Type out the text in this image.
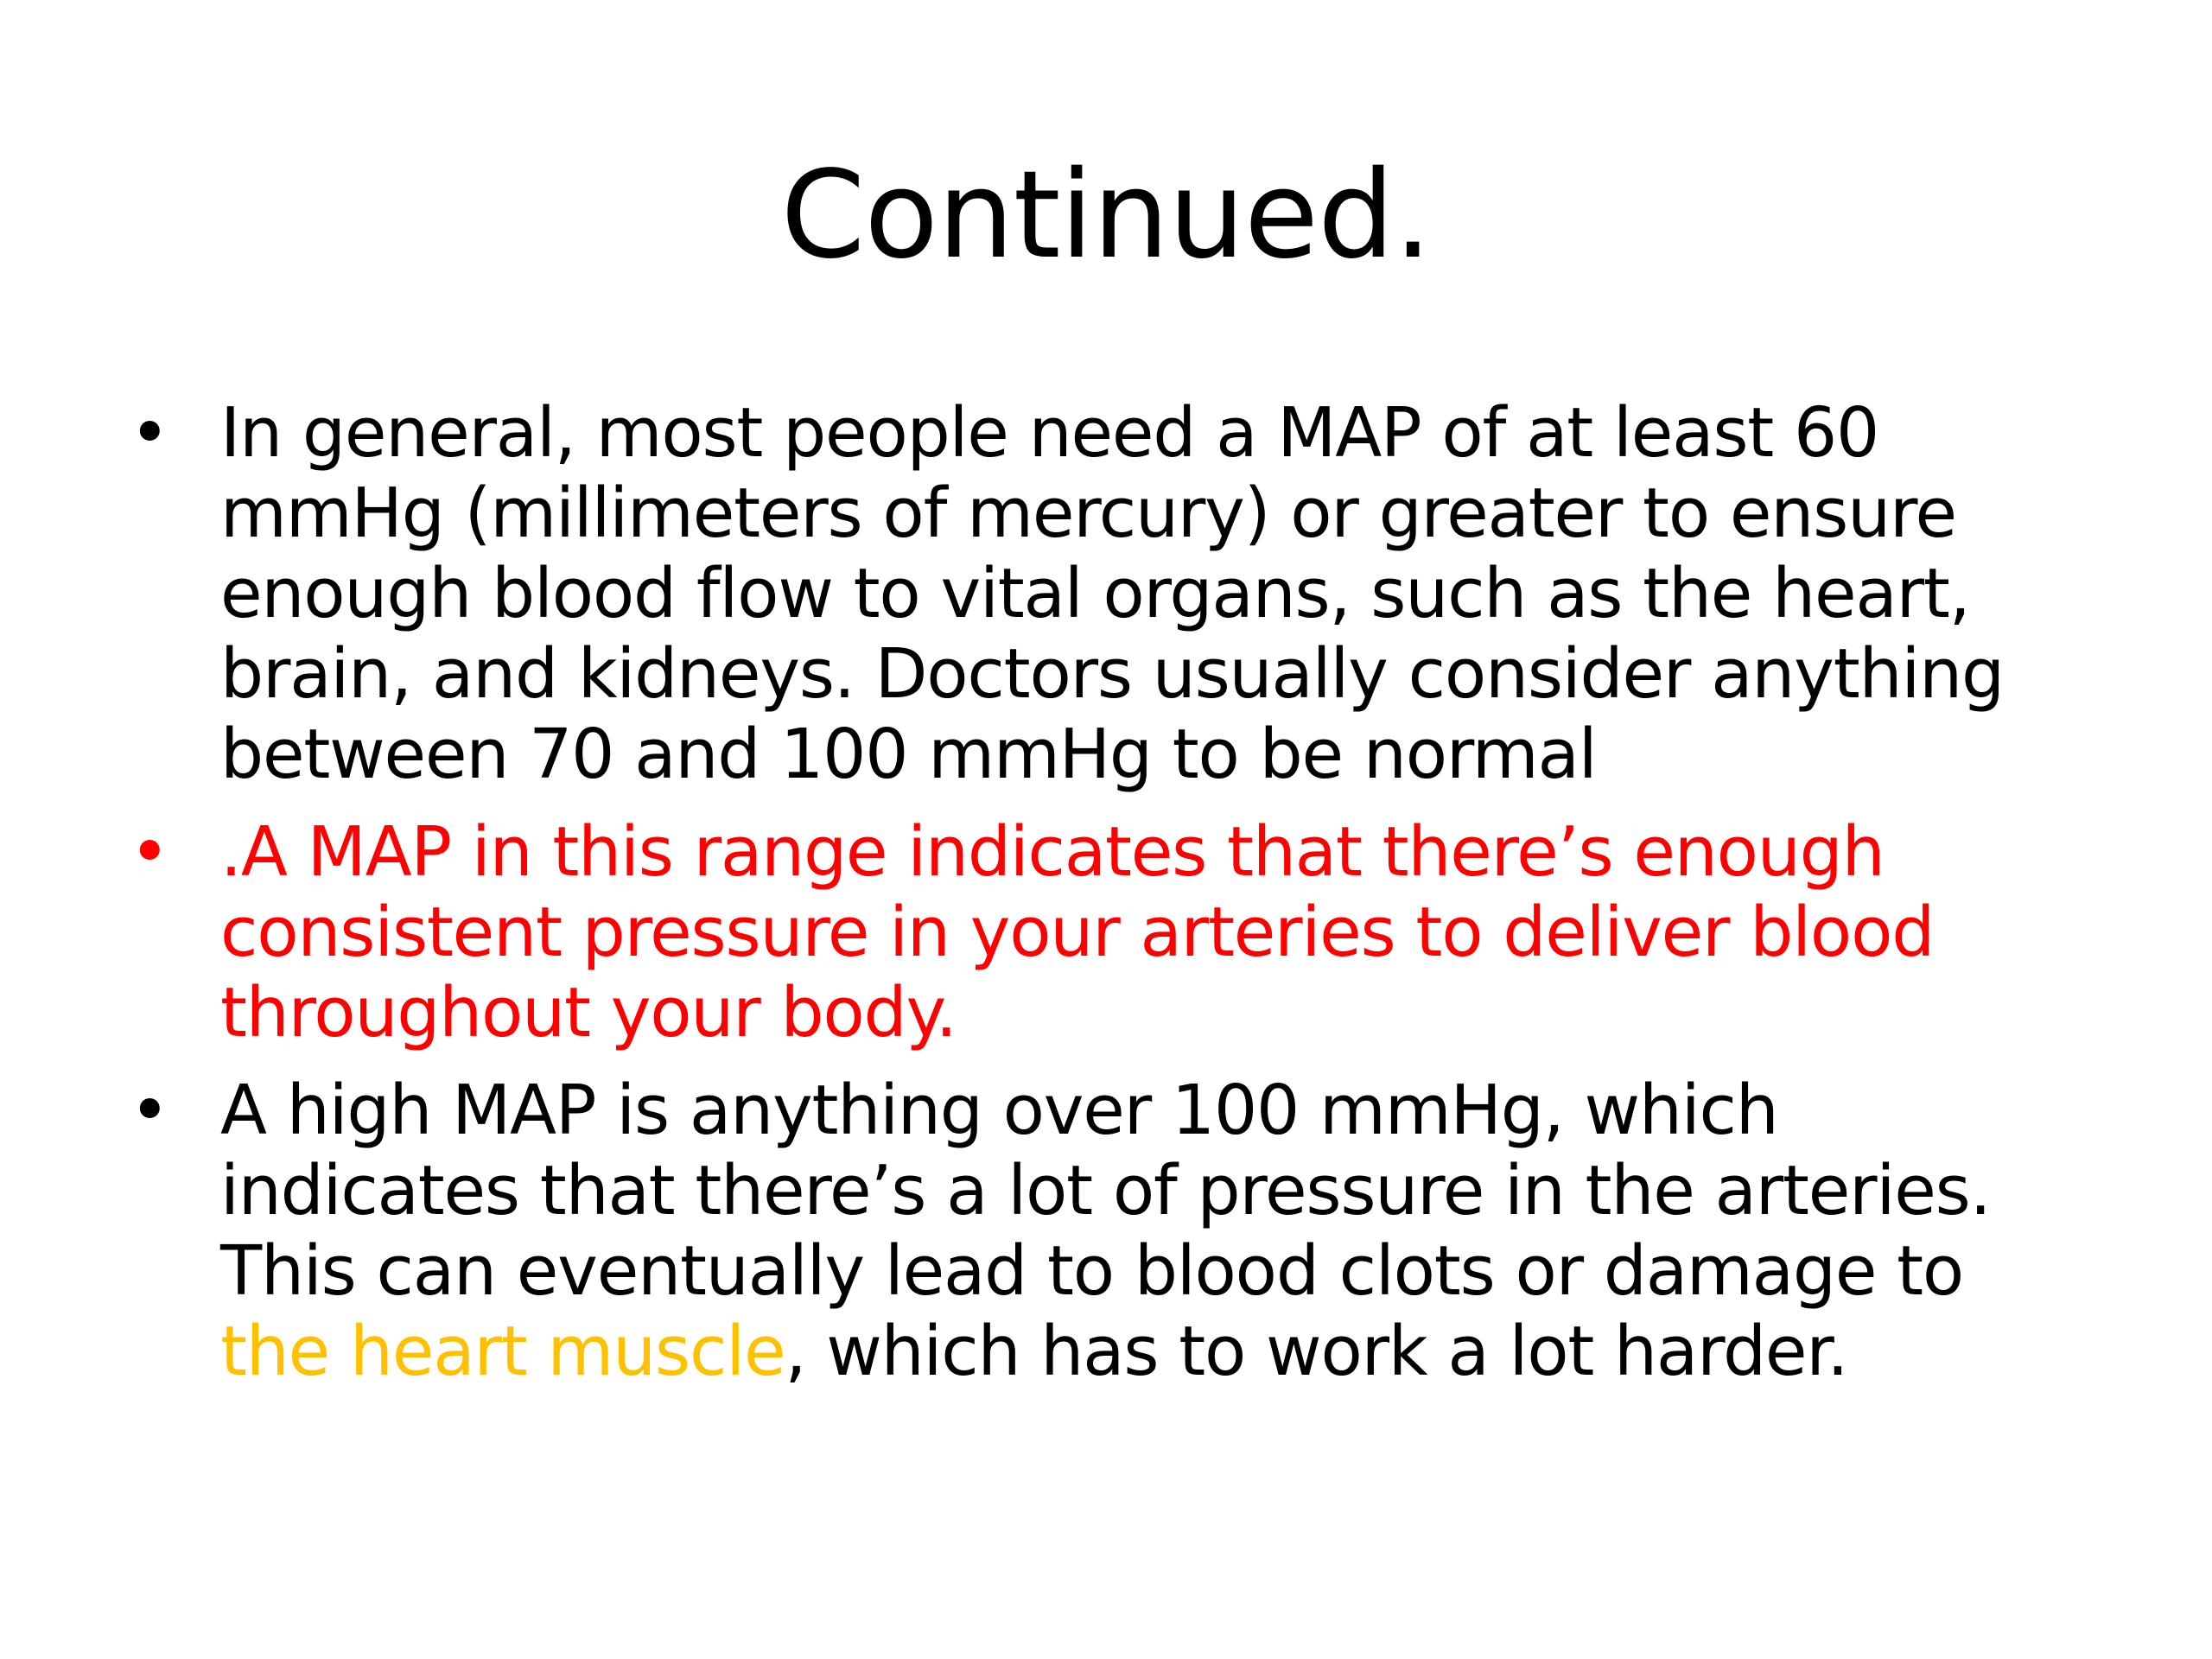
Continued.
• In general, most people need a MAP of at least 60 mmHg (millimeters of mercury) or greater to ensure enough blood flow to vital organs, such as the heart, brain, and kidneys. Doctors usually consider anything between 70 and 100 mmHg to be normal
• .A MAP in this range indicates that there’s enough consistent pressure in your arteries to deliver blood throughout your body.
• A high MAP is anything over 100 mmHg, which indicates that there’s a lot of pressure in the arteries. This can eventually lead to blood clots or damage to the heart muscle, which has to work a lot harder.
